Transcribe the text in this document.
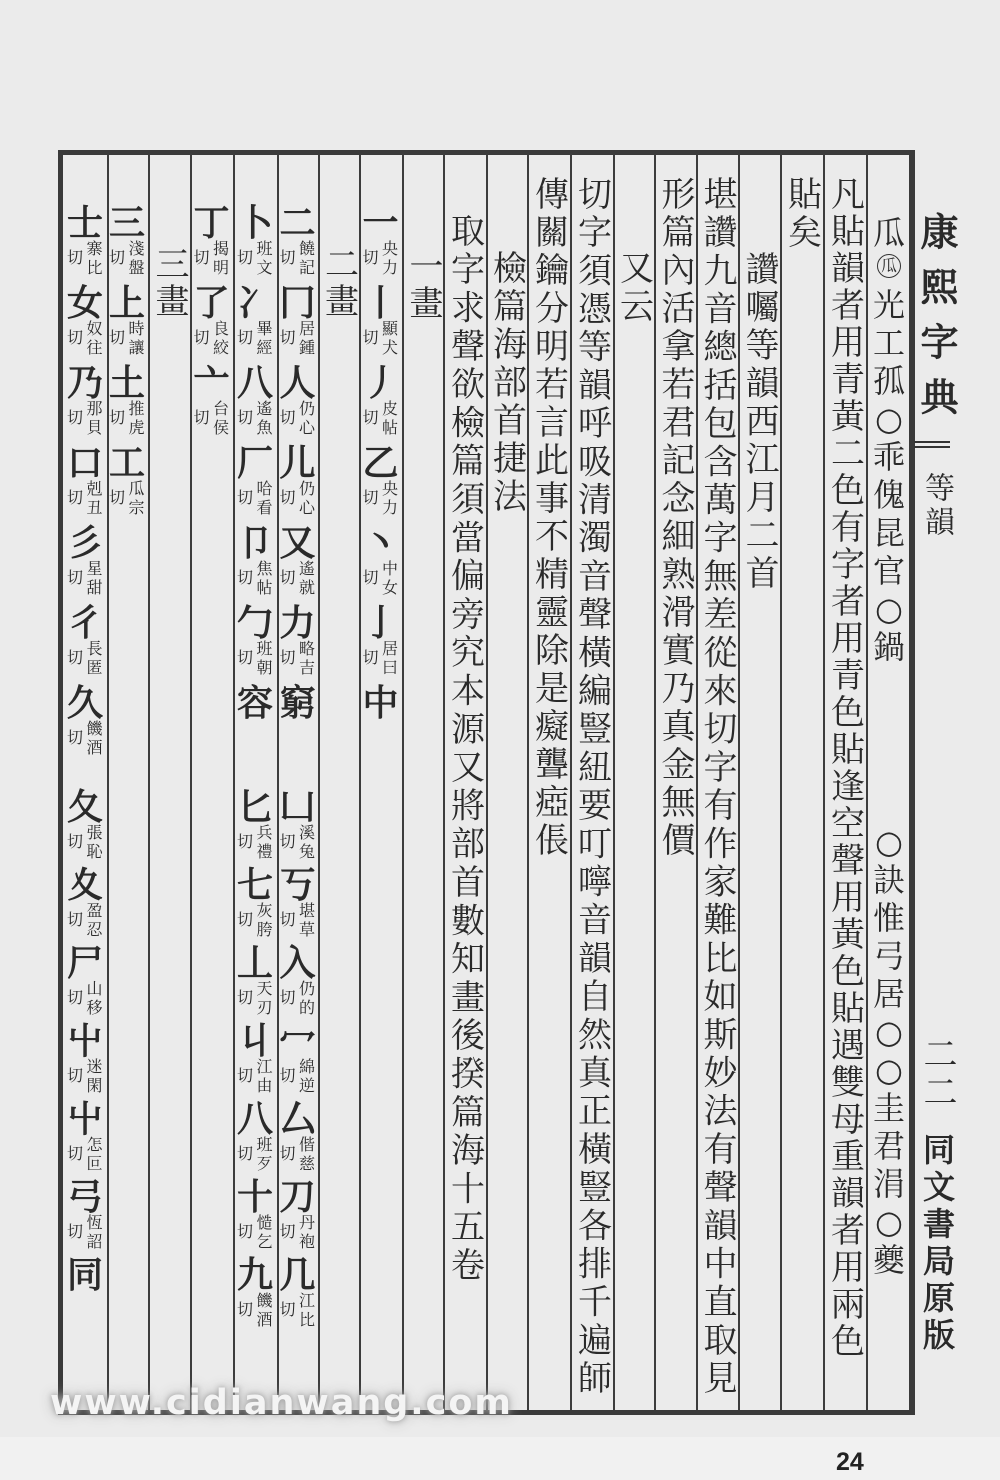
康熙字典
等韻
二二
同文書局原版
瓜
瓜
光
工
孤
○
乖
傀
昆
官
○
鍋
○
訣
惟
弓
居
○
○
圭
君
涓
○
夔
凡貼韻者用青黃二色有字者用青色貼逢空聲用黃色貼遇雙母重韻者用兩色
貼矣
讚囑等韻西江月二首
堪讚九音總括包含萬字無差從來切字有作家難比如斯妙法有聲韻中直取見
形篇內活拿若君記念細熟滑實乃真金無價
又云
切字須憑等韻呼吸清濁音聲橫編豎紐要叮嚀音韻自然真正橫豎各排千遍師
傳關鑰分明若言此事不精靈除是癡聾瘂倀
檢篇海部首捷法
取字求聲欲檢篇須當偏旁究本源又將部首數知畫後揆篇海十五卷
一畫
二畫
三畫
一
央力
切
丨
顯犬
切
丿
皮帖
切
乙
央力
切
丶
中女
切
亅
居曰
切
中
二
饒記
切
冂
居鍾
切
人
仍心
切
儿
仍心
切
又
遙就
切
力
略吉
切
窮
凵
溪兔
切
丂
堪草
切
入
仍的
切
冖
綿逆
切
厶
偕慈
切
刀
丹袍
切
几
江比
切
卜
班文
切
冫
畢經
切
八
遙魚
切
厂
哈看
切
卩
焦帖
切
勹
班朝
切
容
匕
兵禮
切
七
灰胯
切
丄
天刃
切
丩
江由
切
八
班歹
切
十
慥乞
切
九
饑酒
切
丁
揭明
切
了
良絞
切
亠
台侯
切
三
淺盤
切
上
時讓
切
土
推虎
切
工
瓜宗
切
士
寨比
切
女
奴往
切
乃
那貝
切
口
剋丑
切
彡
星甜
切
彳
長匿
切
久
饑酒
切
夂
張恥
切
夊
盈忍
切
尸
山移
切
屮
迷閑
切
屮
怎叵
切
弓
恆詔
切
同
www.cidianwang.com
24
